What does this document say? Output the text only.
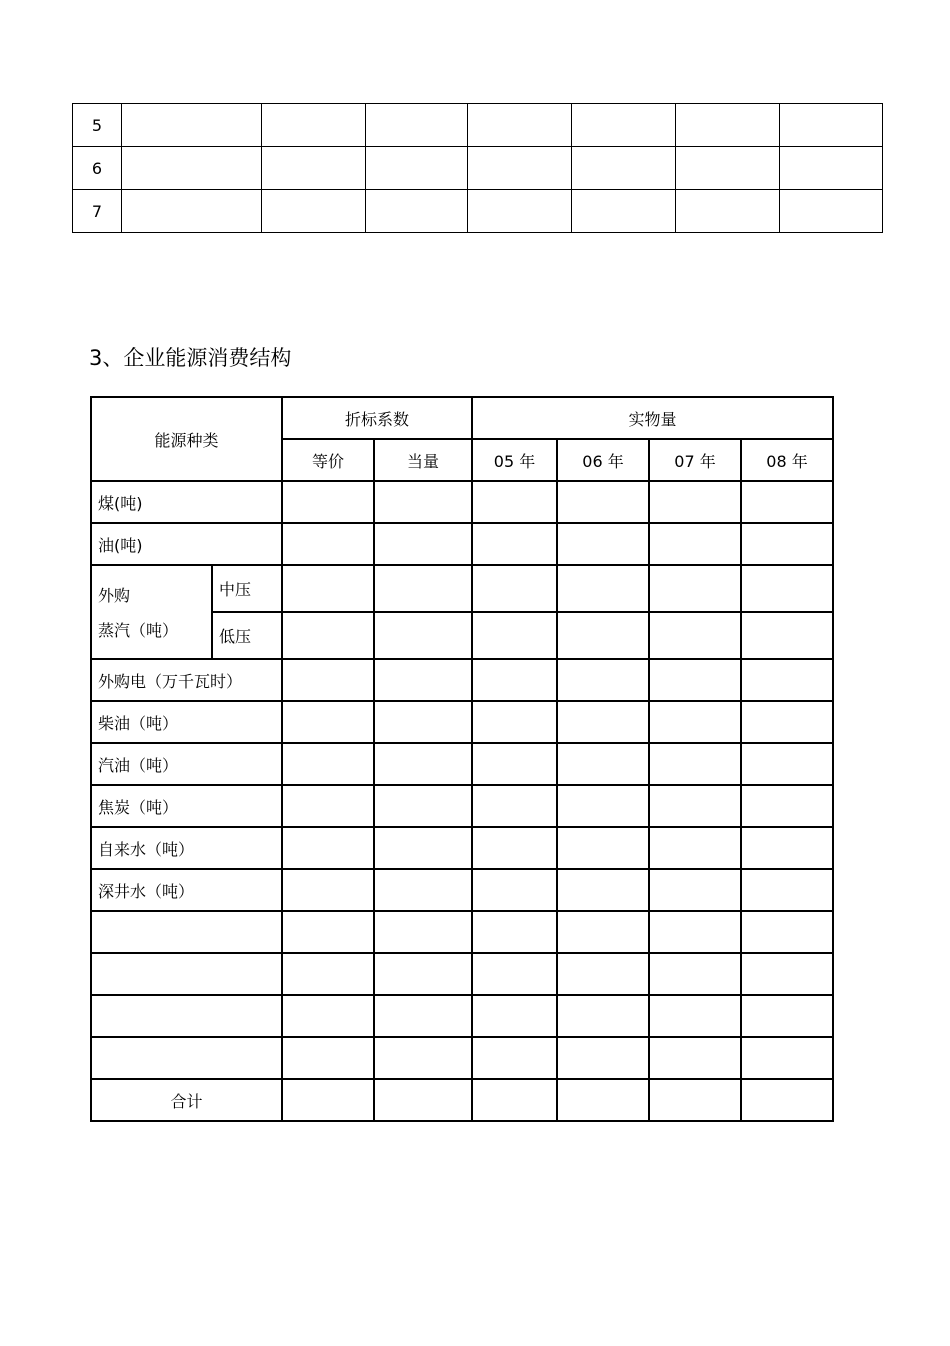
5							
6							
7							
3、企业能源消费结构
能源种类		折标系数		实物量			
		等价	当量	05 年	06 年	07 年	08 年
煤(吨)							
油(吨)							
外购	中压						
蒸汽（吨）	低压						
外购电（万千瓦时）							
柴油（吨）							
汽油（吨）							
焦炭（吨）							
自来水（吨）							
深井水（吨）							

合计							
